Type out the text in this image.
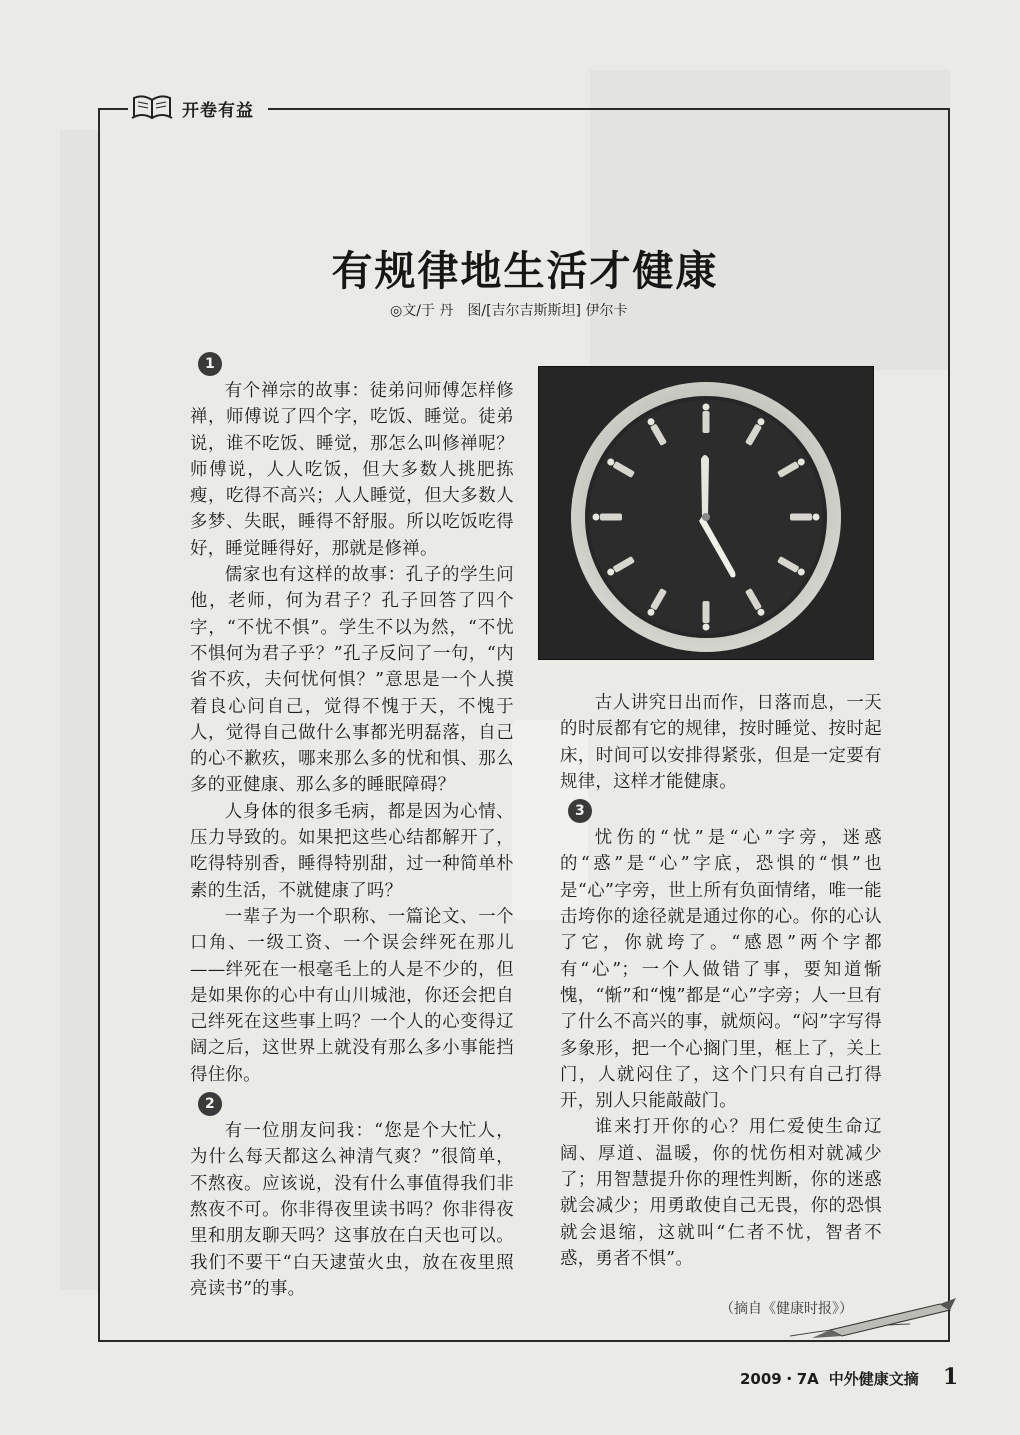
开卷有益
有规律地生活才健康
◎文/于 丹　图/[吉尔吉斯斯坦] 伊尔卡
1

有个禅宗的故事：徒弟问师傅怎样修禅，师傅说了四个字，吃饭、睡觉。徒弟说，谁不吃饭、睡觉，那怎么叫修禅呢？师傅说，人人吃饭，但大多数人挑肥拣瘦，吃得不高兴；人人睡觉，但大多数人多梦、失眠，睡得不舒服。所以吃饭吃得好，睡觉睡得好，那就是修禅。

儒家也有这样的故事：孔子的学生问他，老师，何为君子？孔子回答了四个字，“不忧不惧”。学生不以为然，“不忧不惧何为君子乎？”孔子反问了一句，“内省不疚，夫何忧何惧？”意思是一个人摸着良心问自己，觉得不愧于天，不愧于人，觉得自己做什么事都光明磊落，自己的心不歉疚，哪来那么多的忧和惧、那么多的亚健康、那么多的睡眠障碍？

人身体的很多毛病，都是因为心情、压力导致的。如果把这些心结都解开了，吃得特别香，睡得特别甜，过一种简单朴素的生活，不就健康了吗？

一辈子为一个职称、一篇论文、一个口角、一级工资、一个误会绊死在那儿——绊死在一根毫毛上的人是不少的，但是如果你的心中有山川城池，你还会把自己绊死在这些事上吗？一个人的心变得辽阔之后，这世界上就没有那么多小事能挡得住你。

2

有一位朋友问我：“您是个大忙人，为什么每天都这么神清气爽？”很简单，不熬夜。应该说，没有什么事值得我们非熬夜不可。你非得夜里读书吗？你非得夜里和朋友聊天吗？这事放在白天也可以。我们不要干“白天逮萤火虫，放在夜里照亮读书”的事。

古人讲究日出而作，日落而息，一天的时辰都有它的规律，按时睡觉、按时起床，时间可以安排得紧张，但是一定要有规律，这样才能健康。

3

忧伤的“忧”是“心”字旁，迷惑的“惑”是“心”字底，恐惧的“惧”也是“心”字旁，世上所有负面情绪，唯一能击垮你的途径就是通过你的心。你的心认了它，你就垮了。“感恩”两个字都有“心”；一个人做错了事，要知道惭愧，“惭”和“愧”都是“心”字旁；人一旦有了什么不高兴的事，就烦闷。“闷”字写得多象形，把一个心搁门里，框上了，关上门，人就闷住了，这个门只有自己打得开，别人只能敲敲门。

谁来打开你的心？用仁爱使生命辽阔、厚道、温暖，你的忧伤相对就减少了；用智慧提升你的理性判断，你的迷惑就会减少；用勇敢使自己无畏，你的恐惧就会退缩，这就叫“仁者不忧，智者不惑，勇者不惧”。

（摘自《健康时报》）
2009・7A 中外健康文摘 1
